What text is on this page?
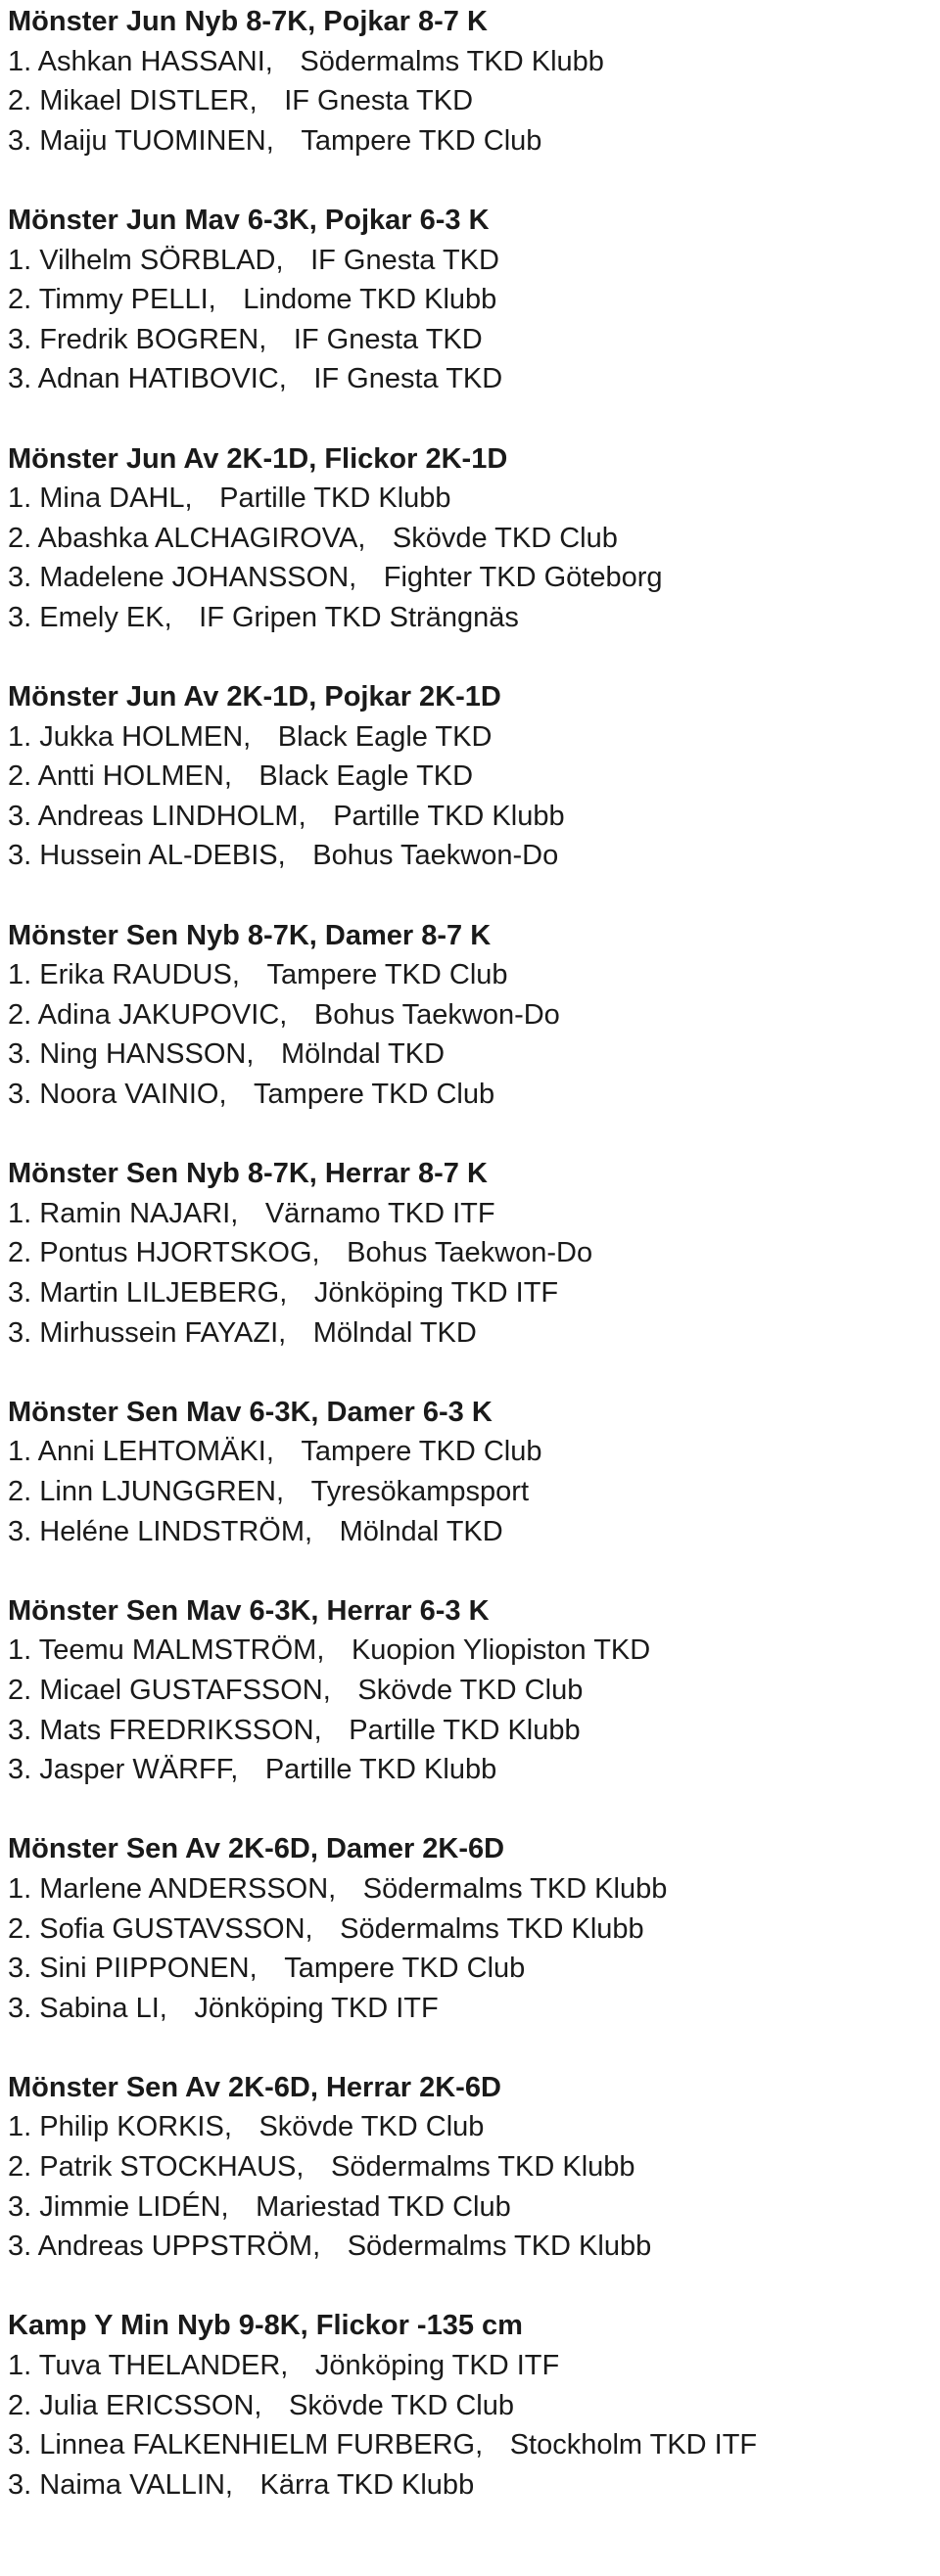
Mönster Jun Nyb 8-7K, Pojkar 8-7 K
1. Ashkan HASSANI, Södermalms TKD Klubb
2. Mikael DISTLER, IF Gnesta TKD
3. Maiju TUOMINEN, Tampere TKD Club
Mönster Jun Mav 6-3K, Pojkar 6-3 K
1. Vilhelm SÖRBLAD, IF Gnesta TKD
2. Timmy PELLI, Lindome TKD Klubb
3. Fredrik BOGREN, IF Gnesta TKD
3. Adnan HATIBOVIC, IF Gnesta TKD
Mönster Jun Av 2K-1D, Flickor 2K-1D
1. Mina DAHL, Partille TKD Klubb
2. Abashka ALCHAGIROVA, Skövde TKD Club
3. Madelene JOHANSSON, Fighter TKD Göteborg
3. Emely EK, IF Gripen TKD Strängnäs
Mönster Jun Av 2K-1D, Pojkar 2K-1D
1. Jukka HOLMEN, Black Eagle TKD
2. Antti HOLMEN, Black Eagle TKD
3. Andreas LINDHOLM, Partille TKD Klubb
3. Hussein AL-DEBIS, Bohus Taekwon-Do
Mönster Sen Nyb 8-7K, Damer 8-7 K
1. Erika RAUDUS, Tampere TKD Club
2. Adina JAKUPOVIC, Bohus Taekwon-Do
3. Ning HANSSON, Mölndal TKD
3. Noora VAINIO, Tampere TKD Club
Mönster Sen Nyb 8-7K, Herrar 8-7 K
1. Ramin NAJARI, Värnamo TKD ITF
2. Pontus HJORTSKOG, Bohus Taekwon-Do
3. Martin LILJEBERG, Jönköping TKD ITF
3. Mirhussein FAYAZI, Mölndal TKD
Mönster Sen Mav 6-3K, Damer 6-3 K
1. Anni LEHTOMÄKI, Tampere TKD Club
2. Linn LJUNGGREN, Tyresökampsport
3. Heléne LINDSTRÖM, Mölndal TKD
Mönster Sen Mav 6-3K, Herrar 6-3 K
1. Teemu MALMSTRÖM, Kuopion Yliopiston TKD
2. Micael GUSTAFSSON, Skövde TKD Club
3. Mats FREDRIKSSON, Partille TKD Klubb
3. Jasper WÄRFF, Partille TKD Klubb
Mönster Sen Av 2K-6D, Damer 2K-6D
1. Marlene ANDERSSON, Södermalms TKD Klubb
2. Sofia GUSTAVSSON, Södermalms TKD Klubb
3. Sini PIIPPONEN, Tampere TKD Club
3. Sabina LI, Jönköping TKD ITF
Mönster Sen Av 2K-6D, Herrar 2K-6D
1. Philip KORKIS, Skövde TKD Club
2. Patrik STOCKHAUS, Södermalms TKD Klubb
3. Jimmie LIDÉN, Mariestad TKD Club
3. Andreas UPPSTRÖM, Södermalms TKD Klubb
Kamp Y Min Nyb 9-8K, Flickor -135 cm
1. Tuva THELANDER, Jönköping TKD ITF
2. Julia ERICSSON, Skövde TKD Club
3. Linnea FALKENHIELM FURBERG, Stockholm TKD ITF
3. Naima VALLIN, Kärra TKD Klubb
